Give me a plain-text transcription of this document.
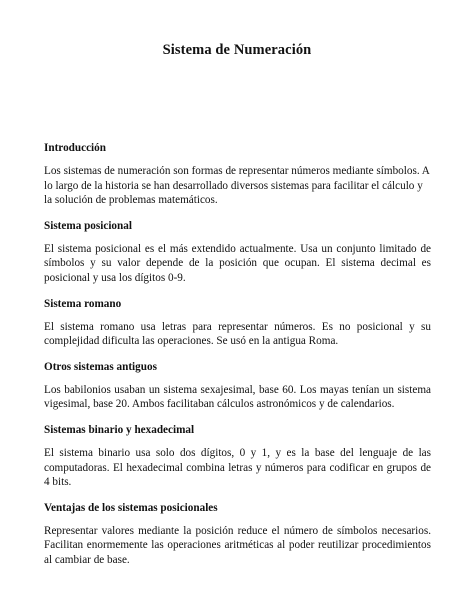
Sistema de Numeración
Introducción
Los sistemas de numeración son formas de representar números mediante símbolos. A lo largo de la historia se han desarrollado diversos sistemas para facilitar el cálculo y la solución de problemas matemáticos.
Sistema posicional
El sistema posicional es el más extendido actualmente. Usa un conjunto limitado de símbolos y su valor depende de la posición que ocupan. El sistema decimal es posicional y usa los dígitos 0-9.
Sistema romano
El sistema romano usa letras para representar números. Es no posicional y su complejidad dificulta las operaciones. Se usó en la antigua Roma.
Otros sistemas antiguos
Los babilonios usaban un sistema sexajesimal, base 60. Los mayas tenían un sistema vigesimal, base 20. Ambos facilitaban cálculos astronómicos y de calendarios.
Sistemas binario y hexadecimal
El sistema binario usa solo dos dígitos, 0 y 1, y es la base del lenguaje de las computadoras. El hexadecimal combina letras y números para codificar en grupos de 4 bits.
Ventajas de los sistemas posicionales
Representar valores mediante la posición reduce el número de símbolos necesarios. Facilitan enormemente las operaciones aritméticas al poder reutilizar procedimientos al cambiar de base.
